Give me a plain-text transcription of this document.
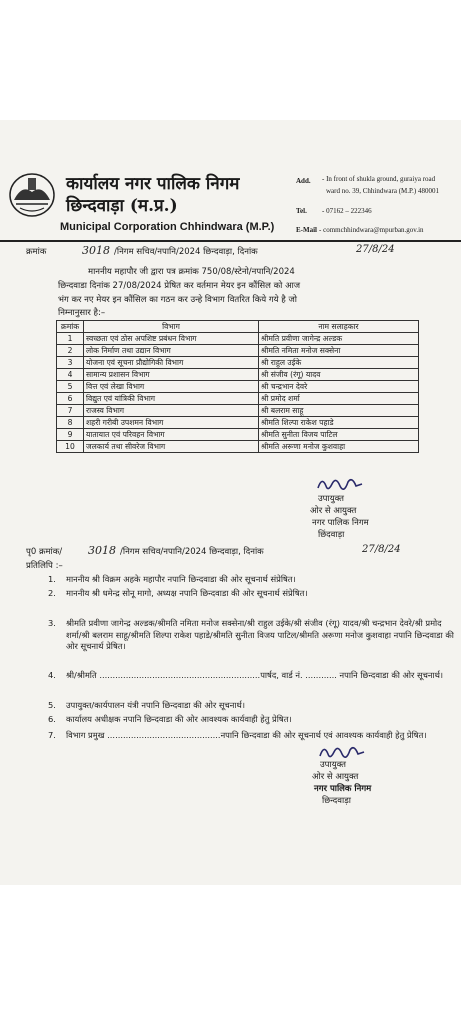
कार्यालय नगर पालिक निगम
छिन्दवाड़ा (म.प्र.)
Municipal Corporation Chhindwara (M.P.)
Add. - In front of shukla ground, guraiya road
ward no. 39, Chhindwara (M.P.) 480001
Tel. - 07162 – 222346
E-Mail - commchhindwara@mpurban.gov.in
क्रमांक	3018 /निगम सचिव/नपानि/2024 छिन्दवाड़ा, दिनांक	27/8/24
माननीय महापौर जी द्वारा पत्र क्रमांक 750/08/स्टेनो/नपानि/2024
छिन्दवाडा दिनांक 27/08/2024 प्रेषित कर वर्तमान मेयर इन कौंसिल को आज
भंग कर नए मेयर इन कौंसिल का गठन कर उन्हे विभाग वितरित किये गये है जो
निम्नानुसार है:–
क्रमांक	विभाग	नाम सलाहकार
1	स्वच्छता एवं ठोस अपशिष्ट प्रबंधन विभाग	श्रीमति प्रवीणा जागेन्द्र अल्डक
2	लोक निर्माण तथा उद्यान विभाग	श्रीमति नमिता मनोज सक्सेना
3	योजना एवं सूचना प्रौद्योगिकी विभाग	श्री राहुल उईके
4	सामान्य प्रशासन विभाग	श्री संजीव (रंगू) यादव
5	वित्त एवं लेखा विभाग	श्री चन्द्रभान देवरे
6	विद्युत एवं यांत्रिकी विभाग	श्री प्रमोद शर्मा
7	राजस्व विभाग	श्री बलराम साहू
8	शहरी गरीबी उपशमन विभाग	श्रीमति शिल्पा राकेश पहाडे
9	यातायात एवं परिवहन विभाग	श्रीमति सुनीता विजय पाटिल
10	जलकार्य तथा सीवरेज विभाग	श्रीमति अरूणा मनोज कुशवाहा
उपायुक्त
ओर से आयुक्त
नगर पालिक निगम
छिंदवाड़ा
पृ0 क्रमांक/ 3018 /निगम सचिव/नपानि/2024 छिन्दवाड़ा, दिनांक	27/8/24
प्रतिलिपि :–
1.	माननीय श्री विक्रम अहके महापौर नपानि छिन्दवाडा की ओर सूचनार्थ संप्रेषित।
2.	माननीय श्री धमेन्द्र सोनू मागो, अध्यक्ष नपानि छिन्दवाडा की ओर सूचनार्थ संप्रेषित।
3.	श्रीमति प्रवीणा जागेन्द्र अल्डक/श्रीमति नमिता मनोज सक्सेना/श्री राहुल उईके/श्री संजीव (रंगू) यादव/श्री चन्द्रभान देवरे/श्री प्रमोद शर्मा/श्री बलराम साहू/श्रीमति शिल्पा राकेश पहाडे/श्रीमति सुनीता विजय पाटिल/श्रीमति अरूणा मनोज कुशवाहा नपानि छिन्दवाडा की ओर सूचनार्थ प्रेषित।
4.	श्री/श्रीमति .............................................................पार्षद, वार्ड नं. ............ नपानि छिन्दवाडा की ओर सूचनार्थ।
5.	उपायुक्त/कार्यपालन यंत्री नपानि छिन्दवाडा की ओर सूचनार्थ।
6.	कार्यालय अधीक्षक नपानि छिन्दवाडा की ओर आवश्यक कार्यवाही हेतु प्रेषित।
7.	विभाग प्रमुख ...........................................नपानि छिन्दवाडा की ओर सूचनार्थ एवं आवश्यक कार्यवाही हेतु प्रेषित।
उपायुक्त
ओर से आयुक्त
नगर पालिक निगम
छिन्दवाड़ा
